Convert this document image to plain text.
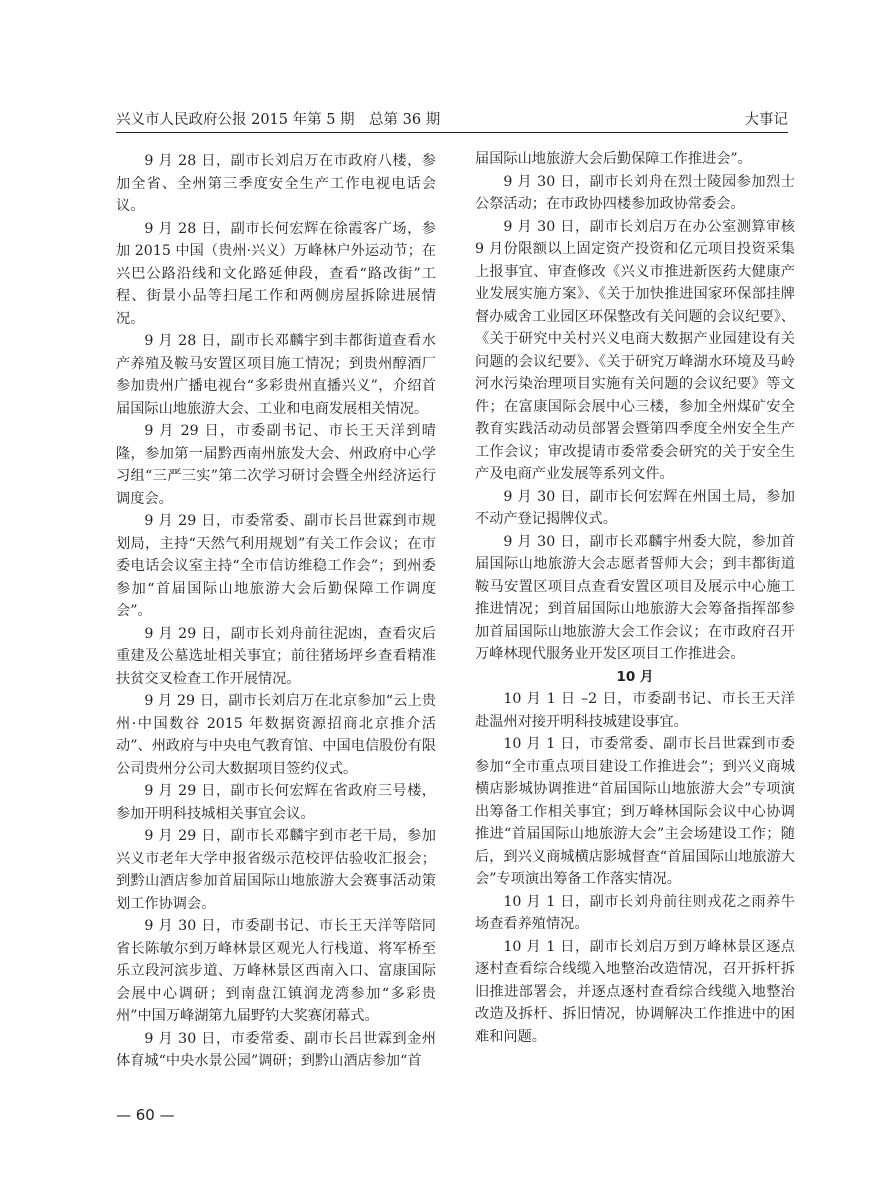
兴义市人民政府公报 2015 年第 5 期　总第 36 期	大事记

9 月 28 日，副市长刘启万在市政府八楼，参加全省、全州第三季度安全生产工作电视电话会议。

9 月 28 日，副市长何宏辉在徐霞客广场，参加 2015 中国（贵州·兴义）万峰林户外运动节；在兴巴公路沿线和文化路延伸段，查看“路改街”工程、街景小品等扫尾工作和两侧房屋拆除进展情况。

9 月 28 日，副市长邓麟宇到丰都街道查看水产养殖及鞍马安置区项目施工情况；到贵州醇酒厂参加贵州广播电视台“多彩贵州直播兴义”，介绍首届国际山地旅游大会、工业和电商发展相关情况。

9 月 29 日，市委副书记、市长王天洋到晴隆，参加第一届黔西南州旅发大会、州政府中心学习组“三严三实”第二次学习研讨会暨全州经济运行调度会。

9 月 29 日，市委常委、副市长吕世霖到市规划局，主持“天然气利用规划”有关工作会议；在市委电话会议室主持“全市信访维稳工作会”；到州委参加“首届国际山地旅游大会后勤保障工作调度会”。

9 月 29 日，副市长刘舟前往泥凼，查看灾后重建及公墓选址相关事宜；前往猪场坪乡查看精准扶贫交叉检查工作开展情况。

9 月 29 日，副市长刘启万在北京参加“云上贵州·中国数谷 2015 年数据资源招商北京推介活动”、州政府与中央电气教育馆、中国电信股份有限公司贵州分公司大数据项目签约仪式。

9 月 29 日，副市长何宏辉在省政府三号楼，参加开明科技城相关事宜会议。

9 月 29 日，副市长邓麟宇到市老干局，参加兴义市老年大学申报省级示范校评估验收汇报会；到黔山酒店参加首届国际山地旅游大会赛事活动策划工作协调会。

9 月 30 日，市委副书记、市长王天洋等陪同省长陈敏尔到万峰林景区观光人行栈道、将军桥至乐立段河滨步道、万峰林景区西南入口、富康国际会展中心调研；到南盘江镇润龙湾参加“多彩贵州”中国万峰湖第九届野钓大奖赛闭幕式。

9 月 30 日，市委常委、副市长吕世霖到金州体育城“中央水景公园”调研；到黔山酒店参加“首

届国际山地旅游大会后勤保障工作推进会”。

9 月 30 日，副市长刘舟在烈士陵园参加烈士公祭活动；在市政协四楼参加政协常委会。

9 月 30 日，副市长刘启万在办公室测算审核 9 月份限额以上固定资产投资和亿元项目投资采集上报事宜、审查修改《兴义市推进新医药大健康产业发展实施方案》、《关于加快推进国家环保部挂牌督办威舍工业园区环保整改有关问题的会议纪要》、《关于研究中关村兴义电商大数据产业园建设有关问题的会议纪要》、《关于研究万峰湖水环境及马岭河水污染治理项目实施有关问题的会议纪要》等文件；在富康国际会展中心三楼，参加全州煤矿安全教育实践活动动员部署会暨第四季度全州安全生产工作会议；审改提请市委常委会研究的关于安全生产及电商产业发展等系列文件。

9 月 30 日，副市长何宏辉在州国土局，参加不动产登记揭牌仪式。

9 月 30 日，副市长邓麟宇州委大院，参加首届国际山地旅游大会志愿者誓师大会；到丰都街道鞍马安置区项目点查看安置区项目及展示中心施工推进情况；到首届国际山地旅游大会筹备指挥部参加首届国际山地旅游大会工作会议；在市政府召开万峰林现代服务业开发区项目工作推进会。

10 月

10 月 1 日 –2 日，市委副书记、市长王天洋赴温州对接开明科技城建设事宜。

10 月 1 日，市委常委、副市长吕世霖到市委参加“全市重点项目建设工作推进会”；到兴义商城横店影城协调推进“首届国际山地旅游大会”专项演出筹备工作相关事宜；到万峰林国际会议中心协调推进“首届国际山地旅游大会”主会场建设工作；随后，到兴义商城横店影城督查“首届国际山地旅游大会”专项演出筹备工作落实情况。

10 月 1 日，副市长刘舟前往则戎花之雨养牛场查看养殖情况。

10 月 1 日，副市长刘启万到万峰林景区逐点逐村查看综合线缆入地整治改造情况，召开拆杆拆旧推进部署会，并逐点逐村查看综合线缆入地整治改造及拆杆、拆旧情况，协调解决工作推进中的困难和问题。

— 60 —
